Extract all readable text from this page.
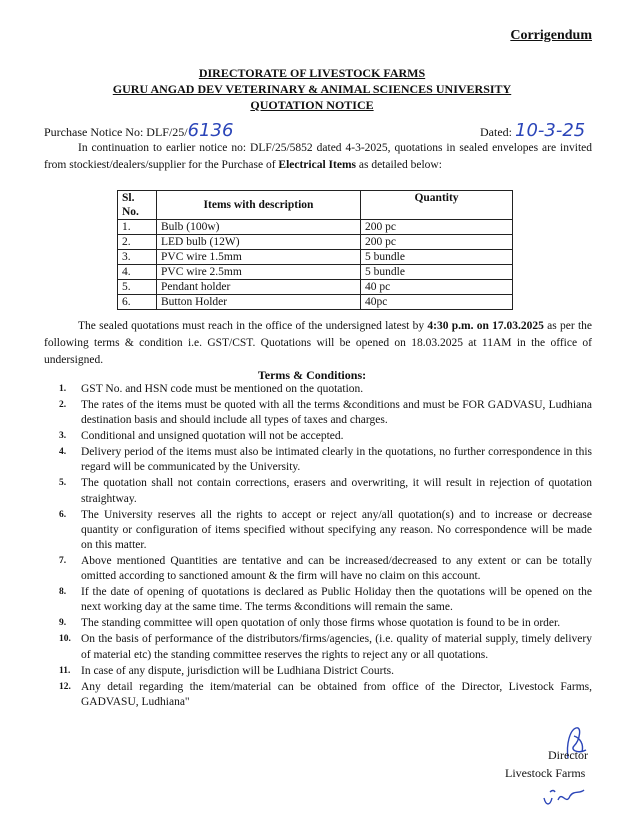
Corrigendum
DIRECTORATE OF LIVESTOCK FARMS
GURU ANGAD DEV VETERINARY & ANIMAL SCIENCES UNIVERSITY
QUOTATION NOTICE
Purchase Notice No: DLF/25/6136	Dated: 10-3-25
In continuation to earlier notice no: DLF/25/5852 dated 4-3-2025, quotations in sealed envelopes are invited from stockiest/dealers/supplier for the Purchase of Electrical Items as detailed below:
Sl. No.	Items with description	Quantity
1.	Bulb (100w)	200 pc
2.	LED bulb (12W)	200 pc
3.	PVC wire 1.5mm	5 bundle
4.	PVC wire 2.5mm	5 bundle
5.	Pendant holder	40 pc
6.	Button Holder	40pc
The sealed quotations must reach in the office of the undersigned latest by 4:30 p.m. on 17.03.2025 as per the following terms & condition i.e. GST/CST. Quotations will be opened on 18.03.2025 at 11AM in the office of undersigned.
Terms & Conditions:
1. GST No. and HSN code must be mentioned on the quotation.
2. The rates of the items must be quoted with all the terms &conditions and must be FOR GADVASU, Ludhiana destination basis and should include all types of taxes and charges.
3. Conditional and unsigned quotation will not be accepted.
4. Delivery period of the items must also be intimated clearly in the quotations, no further correspondence in this regard will be communicated by the University.
5. The quotation shall not contain corrections, erasers and overwriting, it will result in rejection of quotation straightway.
6. The University reserves all the rights to accept or reject any/all quotation(s) and to increase or decrease quantity or configuration of items specified without specifying any reason. No correspondence will be made on this matter.
7. Above mentioned Quantities are tentative and can be increased/decreased to any extent or can be totally omitted according to sanctioned amount & the firm will have no claim on this account.
8. If the date of opening of quotations is declared as Public Holiday then the quotations will be opened on the next working day at the same time. The terms &conditions will remain the same.
9. The standing committee will open quotation of only those firms whose quotation is found to be in order.
10. On the basis of performance of the distributors/firms/agencies, (i.e. quality of material supply, timely delivery of material etc) the standing committee reserves the rights to reject any or all quotations.
11. In case of any dispute, jurisdiction will be Ludhiana District Courts.
12. Any detail regarding the item/material can be obtained from office of the Director, Livestock Farms, GADVASU, Ludhiana"
Director
Livestock Farms
